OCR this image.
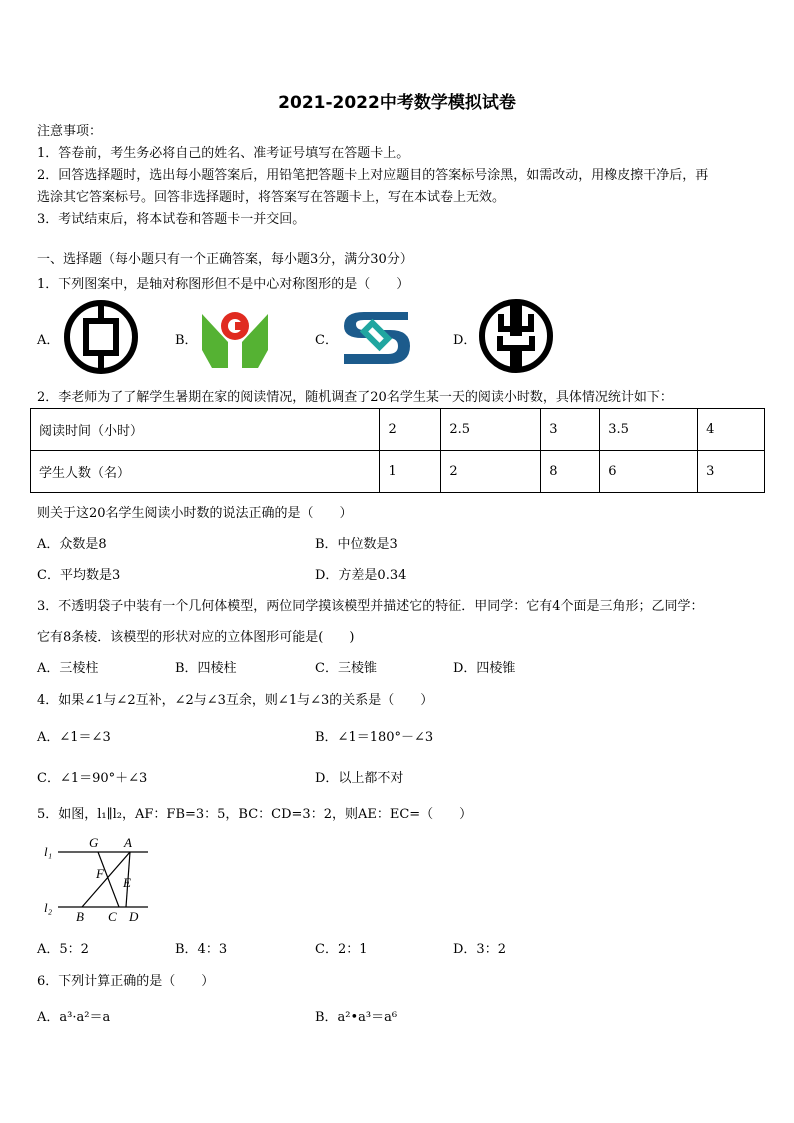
2021-2022中考数学模拟试卷
注意事项：
1．答卷前，考生务必将自己的姓名、准考证号填写在答题卡上。
2．回答选择题时，选出每小题答案后，用铅笔把答题卡上对应题目的答案标号涂黑，如需改动，用橡皮擦干净后，再
选涂其它答案标号。回答非选择题时，将答案写在答题卡上，写在本试卷上无效。
3．考试结束后，将本试卷和答题卡一并交回。
一、选择题（每小题只有一个正确答案，每小题3分，满分30分）
1．下列图案中，是轴对称图形但不是中心对称图形的是（　　）
A．	B．	C．	D．
2．李老师为了了解学生暑期在家的阅读情况，随机调查了20名学生某一天的阅读小时数，具体情况统计如下：
阅读时间（小时）	2	2.5	3	3.5	4
学生人数（名）	1	2	8	6	3
则关于这20名学生阅读小时数的说法正确的是（　　）
A．众数是8	B．中位数是3
C．平均数是3	D．方差是0.34
3．不透明袋子中装有一个几何体模型，两位同学摸该模型并描述它的特征．甲同学：它有4个面是三角形；乙同学：
它有8条棱．该模型的形状对应的立体图形可能是(　　)
A．三棱柱	B．四棱柱	C．三棱锥	D．四棱锥
4．如果∠1与∠2互补，∠2与∠3互余，则∠1与∠3的关系是（　　）
A．∠1＝∠3	B．∠1＝180°－∠3
C．∠1＝90°＋∠3	D．以上都不对
5．如图，l₁∥l₂，AF：FB=3：5，BC：CD=3：2，则AE：EC=（　　）
l₁
l₂
G A
F
E
B C D
A．5：2	B．4：3	C．2：1	D．3：2
6．下列计算正确的是（　　）
A．a³·a²＝a	B．a²•a³＝a⁶
